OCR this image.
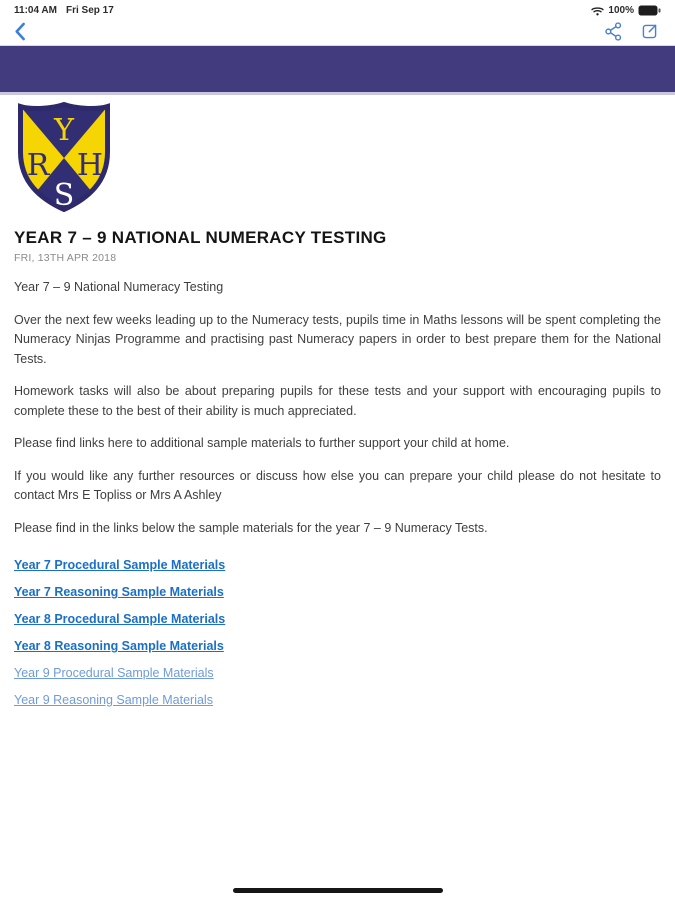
11:04 AM Fri Sep 17	100%
Y
R H
S
YEAR 7 – 9 NATIONAL NUMERACY TESTING
FRI, 13TH APR 2018

Year 7 – 9 National Numeracy Testing

Over the next few weeks leading up to the Numeracy tests, pupils time in Maths lessons will be spent completing the Numeracy Ninjas Programme and practising past Numeracy papers in order to best prepare them for the National Tests.

Homework tasks will also be about preparing pupils for these tests and your support with encouraging pupils to complete these to the best of their ability is much appreciated.

Please find links here to additional sample materials to further support your child at home.

If you would like any further resources or discuss how else you can prepare your child please do not hesitate to contact Mrs E Topliss or Mrs A Ashley

Please find in the links below the sample materials for the year 7 – 9 Numeracy Tests.

Year 7 Procedural Sample Materials
Year 7 Reasoning Sample Materials
Year 8 Procedural Sample Materials
Year 8 Reasoning Sample Materials
Year 9 Procedural Sample Materials
Year 9 Reasoning Sample Materials
